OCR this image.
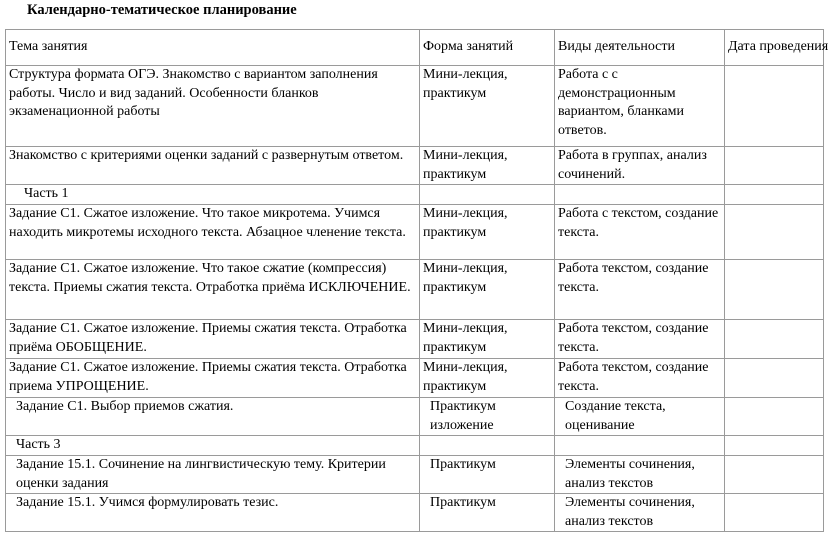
Календарно-тематическое планирование
Тема занятия	Форма занятий	Виды деятельности	Дата проведения
Структура формата ОГЭ. Знакомство с вариантом заполнения работы. Число и вид заданий. Особенности бланков экзаменационной работы	Мини-лекция, практикум	Работа с с демонстрационным вариантом, бланками ответов.	
Знакомство с критериями оценки заданий с развернутым ответом.	Мини-лекция, практикум	Работа в группах, анализ сочинений.	
Часть 1			
Задание С1. Сжатое изложение. Что такое микротема. Учимся находить микротемы исходного текста. Абзацное членение текста.	Мини-лекция, практикум	Работа с текстом, создание текста.	
Задание С1. Сжатое изложение. Что такое сжатие (компрессия) текста. Приемы сжатия текста. Отработка приёма ИСКЛЮЧЕНИЕ.	Мини-лекция, практикум	Работа текстом, создание текста.	
Задание С1. Сжатое изложение. Приемы сжатия текста. Отработка приёма ОБОБЩЕНИЕ.	Мини-лекция, практикум	Работа текстом, создание текста.	
Задание С1. Сжатое изложение. Приемы сжатия текста. Отработка приема УПРОЩЕНИЕ.	Мини-лекция, практикум	Работа текстом, создание текста.	
Задание С1. Выбор приемов сжатия.	Практикум изложение	Создание текста, оценивание	
Часть 3			
Задание 15.1. Сочинение на лингвистическую тему. Критерии оценки задания	Практикум	Элементы сочинения, анализ текстов	
Задание 15.1. Учимся формулировать тезис.	Практикум	Элементы сочинения, анализ текстов	
